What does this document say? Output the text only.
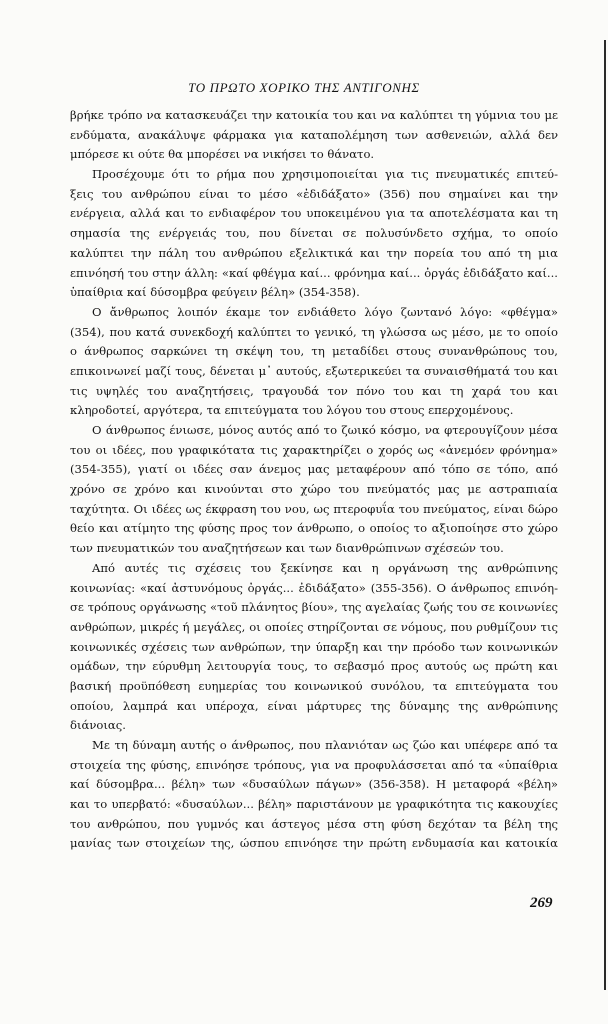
ΤΟ ΠΡΩΤΟ ΧΟΡΙΚΟ ΤΗΣ ΑΝΤΙΓΟΝΗΣ
βρήκε τρόπο να κατασκευάζει την κατοικία του και να καλύπτει τη γύμνια του με
ενδύματα, ανακάλυψε φάρμακα για καταπολέμηση των ασθενειών, αλλά δεν
μπόρεσε κι ούτε θα μπορέσει να νικήσει το θάνατο.
Προσέχουμε ότι το ρήμα που χρησιμοποιείται για τις πνευματικές επιτεύ-
ξεις του ανθρώπου είναι το μέσο «ἐδιδάξατο» (356) που σημαίνει και την
ενέργεια, αλλά και το ενδιαφέρον του υποκειμένου για τα αποτελέσματα και τη
σημασία της ενέργειάς του, που δίνεται σε πολυσύνδετο σχήμα, το οποίο
καλύπτει την πάλη του ανθρώπου εξελικτικά και την πορεία του από τη μια
επινόησή του στην άλλη: «καί φθέγμα καί... φρόνημα καί... ὀργάς ἐδιδάξατο καί...
ὑπαίθρια καί δύσομβρα φεύγειν βέλη» (354-358).
Ο ἄνθρωπος λοιπόν έκαμε τον ενδιάθετο λόγο ζωντανό λόγο: «φθέγμα»
(354), που κατά συνεκδοχή καλύπτει το γενικό, τη γλώσσα ως μέσο, με το οποίο
ο άνθρωπος σαρκώνει τη σκέψη του, τη μεταδίδει στους συνανθρώπους του,
επικοινωνεί μαζί τους, δένεται μ᾽ αυτούς, εξωτερικεύει τα συναισθήματά του και
τις υψηλές του αναζητήσεις, τραγουδά τον πόνο του και τη χαρά του και
κληροδοτεί, αργότερα, τα επιτεύγματα του λόγου του στους επερχομένους.
Ο άνθρωπος ένιωσε, μόνος αυτός από το ζωικό κόσμο, να φτερουγίζουν μέσα
του οι ιδέες, που γραφικότατα τις χαρακτηρίζει ο χορός ως «ἀνεμόεν φρόνημα»
(354-355), γιατί οι ιδέες σαν άνεμος μας μεταφέρουν από τόπο σε τόπο, από
χρόνο σε χρόνο και κινούνται στο χώρο του πνεύματός μας με αστραπιαία
ταχύτητα. Οι ιδέες ως έκφραση του νου, ως πτεροφυΐα του πνεύματος, είναι δώρο
θείο και ατίμητο της φύσης προς τον άνθρωπο, ο οποίος το αξιοποίησε στο χώρο
των πνευματικών του αναζητήσεων και των διανθρώπινων σχέσεών του.
Από αυτές τις σχέσεις του ξεκίνησε και η οργάνωση της ανθρώπινης
κοινωνίας: «καί ἀστυνόμους ὀργάς... ἐδιδάξατο» (355-356). Ο άνθρωπος επινόη-
σε τρόπους οργάνωσης «τοῦ πλάνητος βίου», της αγελαίας ζωής του σε κοινωνίες
ανθρώπων, μικρές ή μεγάλες, οι οποίες στηρίζονται σε νόμους, που ρυθμίζουν τις
κοινωνικές σχέσεις των ανθρώπων, την ύπαρξη και την πρόοδο των κοινωνικών
ομάδων, την εύρυθμη λειτουργία τους, το σεβασμό προς αυτούς ως πρώτη και
βασική προϋπόθεση ευημερίας του κοινωνικού συνόλου, τα επιτεύγματα του
οποίου, λαμπρά και υπέροχα, είναι μάρτυρες της δύναμης της ανθρώπινης
διάνοιας.
Με τη δύναμη αυτής ο άνθρωπος, που πλανιόταν ως ζώο και υπέφερε από τα
στοιχεία της φύσης, επινόησε τρόπους, για να προφυλάσσεται από τα «ὑπαίθρια
καί δύσομβρα... βέλη» των «δυσαύλων πάγων» (356-358). Η μεταφορά «βέλη»
και το υπερβατό: «δυσαύλων... βέλη» παριστάνουν με γραφικότητα τις κακουχίες
του ανθρώπου, που γυμνός και άστεγος μέσα στη φύση δεχόταν τα βέλη της
μανίας των στοιχείων της, ώσπου επινόησε την πρώτη ενδυμασία και κατοικία
269
